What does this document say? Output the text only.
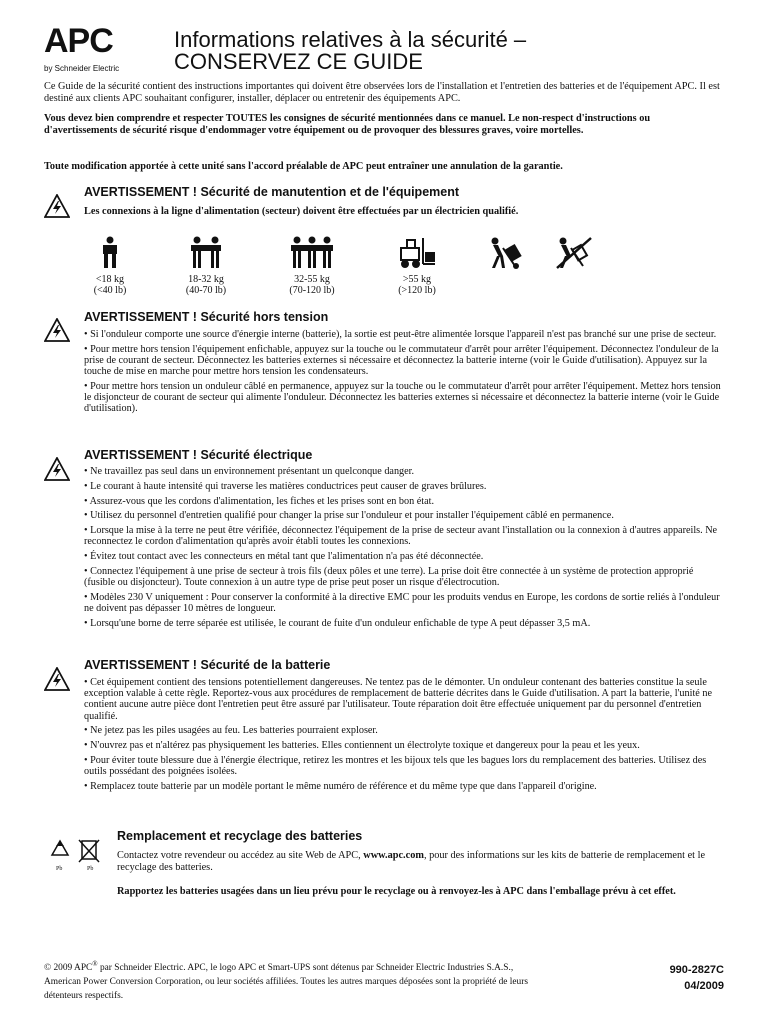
APC
by Schneider Electric
Informations relatives à la sécurité –
CONSERVEZ CE GUIDE
Ce Guide de la sécurité contient des instructions importantes qui doivent être observées lors de l'installation et l'entretien des batteries et de l'équipement APC. Il est destiné aux clients APC souhaitant configurer, installer, déplacer ou entretenir des équipements APC.
Vous devez bien comprendre et respecter TOUTES les consignes de sécurité mentionnées dans ce manuel. Le non-respect d'instructions ou d'avertissements de sécurité risque d'endommager votre équipement ou de provoquer des blessures graves, voire mortelles.
Toute modification apportée à cette unité sans l'accord préalable de APC peut entraîner une annulation de la garantie.
AVERTISSEMENT ! Sécurité de manutention et de l'équipement
Les connexions à la ligne d'alimentation (secteur) doivent être effectuées par un électricien qualifié.
<18 kg
(<40 lb)
18-32 kg
(40-70 lb)
32-55 kg
(70-120 lb)
>55 kg
(>120 lb)
AVERTISSEMENT ! Sécurité hors tension
• Si l'onduleur comporte une source d'énergie interne (batterie), la sortie est peut-être alimentée lorsque l'appareil n'est pas branché sur une prise de secteur.
• Pour mettre hors tension l'équipement enfichable, appuyez sur la touche ou le commutateur d'arrêt pour arrêter l'équipement. Déconnectez l'onduleur de la prise de courant de secteur. Déconnectez les batteries externes si nécessaire et déconnectez la batterie interne (voir le Guide d'utilisation). Appuyez sur la touche de mise en marche pour mettre hors tension les condensateurs.
• Pour mettre hors tension un onduleur câblé en permanence, appuyez sur la touche ou le commutateur d'arrêt pour arrêter l'équipement. Mettez hors tension le disjoncteur de courant de secteur qui alimente l'onduleur. Déconnectez les batteries externes si nécessaire et déconnectez la batterie interne (voir le Guide d'utilisation).
AVERTISSEMENT ! Sécurité électrique
• Ne travaillez pas seul dans un environnement présentant un quelconque danger.
• Le courant à haute intensité qui traverse les matières conductrices peut causer de graves brûlures.
• Assurez-vous que les cordons d'alimentation, les fiches et les prises sont en bon état.
• Utilisez du personnel d'entretien qualifié pour changer la prise sur l'onduleur et pour installer l'équipement câblé en permanence.
• Lorsque la mise à la terre ne peut être vérifiée, déconnectez l'équipement de la prise de secteur avant l'installation ou la connexion à d'autres appareils. Ne reconnectez le cordon d'alimentation qu'après avoir établi toutes les connexions.
• Évitez tout contact avec les connecteurs en métal tant que l'alimentation n'a pas été déconnectée.
• Connectez l'équipement à une prise de secteur à trois fils (deux pôles et une terre). La prise doit être connectée à un système de protection approprié (fusible ou disjoncteur). Toute connexion à un autre type de prise peut poser un risque d'électrocution.
• Modèles 230 V uniquement : Pour conserver la conformité à la directive EMC pour les produits vendus en Europe, les cordons de sortie reliés à l'onduleur ne doivent pas dépasser 10 mètres de longueur.
• Lorsqu'une borne de terre séparée est utilisée, le courant de fuite d'un onduleur enfichable de type A peut dépasser 3,5 mA.
AVERTISSEMENT ! Sécurité de la batterie
• Cet équipement contient des tensions potentiellement dangereuses. Ne tentez pas de le démonter. Un onduleur contenant des batteries constitue la seule exception valable à cette règle. Reportez-vous aux procédures de remplacement de batterie décrites dans le Guide d'utilisation. A part la batterie, l'unité ne contient aucune autre pièce dont l'entretien peut être assuré par l'utilisateur. Toute réparation doit être effectuée uniquement par du personnel d'entretien qualifié.
• Ne jetez pas les piles usagées au feu. Les batteries pourraient exploser.
• N'ouvrez pas et n'altérez pas physiquement les batteries. Elles contiennent un électrolyte toxique et dangereux pour la peau et les yeux.
• Pour éviter toute blessure due à l'énergie électrique, retirez les montres et les bijoux tels que les bagues lors du remplacement des batteries. Utilisez des outils possédant des poignées isolées.
• Remplacez toute batterie par un modèle portant le même numéro de référence et du même type que dans l'appareil d'origine.
Pb	Pb
Remplacement et recyclage des batteries
Contactez votre revendeur ou accédez au site Web de APC, www.apc.com, pour des informations sur les kits de batterie de remplacement et le recyclage des batteries.
Rapportez les batteries usagées dans un lieu prévu pour le recyclage ou à renvoyez-les à APC dans l'emballage prévu à cet effet.
© 2009 APC® par Schneider Electric. APC, le logo APC et Smart-UPS sont détenus par Schneider Electric Industries S.A.S., American Power Conversion Corporation, ou leur sociétés affiliées. Toutes les autres marques déposées sont la propriété de leurs détenteurs respectifs.
990-2827C
04/2009
